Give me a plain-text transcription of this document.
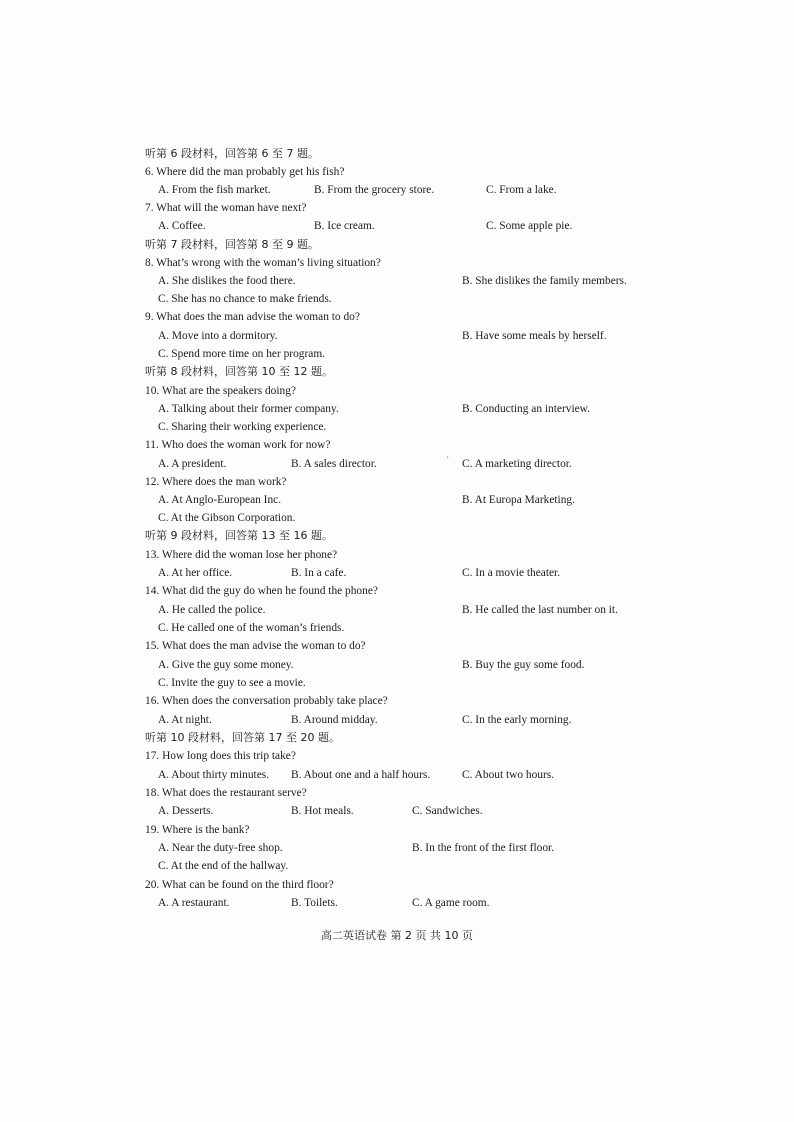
听第 6 段材料，回答第 6 至 7 题。
6. Where did the man probably get his fish?
A. From the fish market.	B. From the grocery store.	C. From a lake.
7. What will the woman have next?
A. Coffee.	B. Ice cream.	C. Some apple pie.
听第 7 段材料，回答第 8 至 9 题。
8. What’s wrong with the woman’s living situation?
A. She dislikes the food there.	B. She dislikes the family members.
C. She has no chance to make friends.
9. What does the man advise the woman to do?
A. Move into a dormitory.	B. Have some meals by herself.
C. Spend more time on her program.
听第 8 段材料，回答第 10 至 12 题。
10. What are the speakers doing?
A. Talking about their former company.	B. Conducting an interview.
C. Sharing their working experience.
11. Who does the woman work for now?
A. A president.	B. A sales director.	C. A marketing director.
ˊ
12. Where does the man work?
A. At Anglo-European Inc.	B. At Europa Marketing.
C. At the Gibson Corporation.
听第 9 段材料，回答第 13 至 16 题。
13. Where did the woman lose her phone?
A. At her office.	B. In a cafe.	C. In a movie theater.
14. What did the guy do when he found the phone?
A. He called the police.	B. He called the last number on it.
C. He called one of the woman’s friends.
15. What does the man advise the woman to do?
A. Give the guy some money.	B. Buy the guy some food.
C. Invite the guy to see a movie.
16. When does the conversation probably take place?
A. At night.	B. Around midday.	C. In the early morning.
听第 10 段材料，回答第 17 至 20 题。
17. How long does this trip take?
A. About thirty minutes. B. About one and a half hours.	C. About two hours.
18. What does the restaurant serve?
A. Desserts.	B. Hot meals.	C. Sandwiches.
19. Where is the bank?
A. Near the duty-free shop.	B. In the front of the first floor.
C. At the end of the hallway.
20. What can be found on the third floor?
A. A restaurant.	B. Toilets.	C. A game room.
高二英语试卷 第 2 页 共 10 页
